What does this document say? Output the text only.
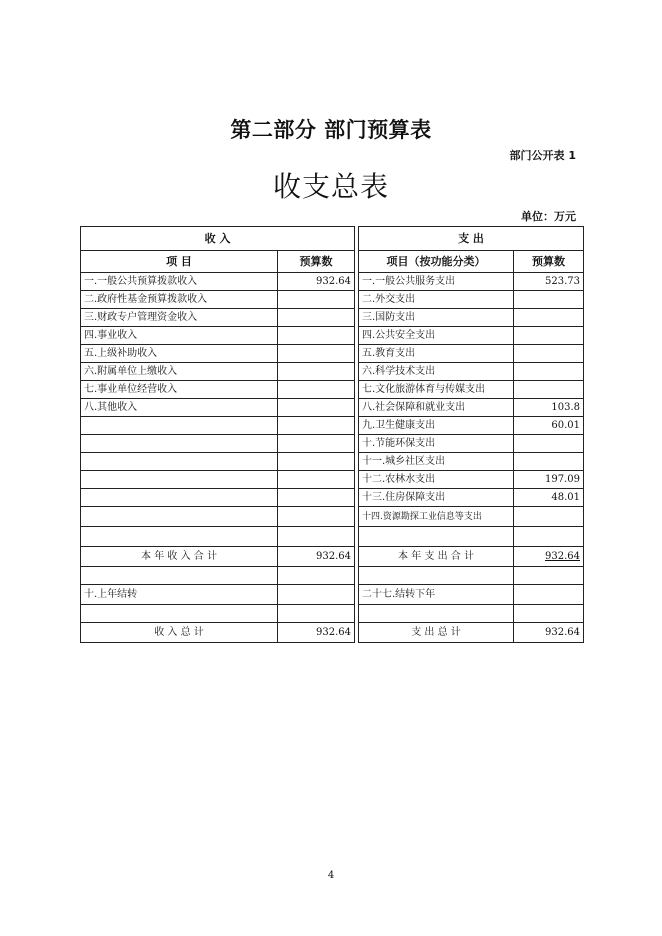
第二部分 部门预算表
部门公开表 1
收支总表
单位：万元
收 入			支 出	
项 目	预算数		项目（按功能分类）	预算数
一.一般公共预算拨款收入	932.64		一.一般公共服务支出	523.73
二.政府性基金预算拨款收入			二.外交支出	
三.财政专户管理资金收入			三.国防支出	
四.事业收入			四.公共安全支出	
五.上级补助收入			五.教育支出	
六.附属单位上缴收入			六.科学技术支出	
七.事业单位经营收入			七.文化旅游体育与传媒支出	
八.其他收入			八.社会保障和就业支出	103.8
			九.卫生健康支出	60.01
			十.节能环保支出	
			十一.城乡社区支出	
			十二.农林水支出	197.09
			十三.住房保障支出	48.01
			十四.资源勘探工业信息等支出	

本 年 收 入 合 计	932.64		本 年 支 出 合 计	932.64

十.上年结转			二十七.结转下年	

收 入 总 计	932.64		支 出 总 计	932.64
4
